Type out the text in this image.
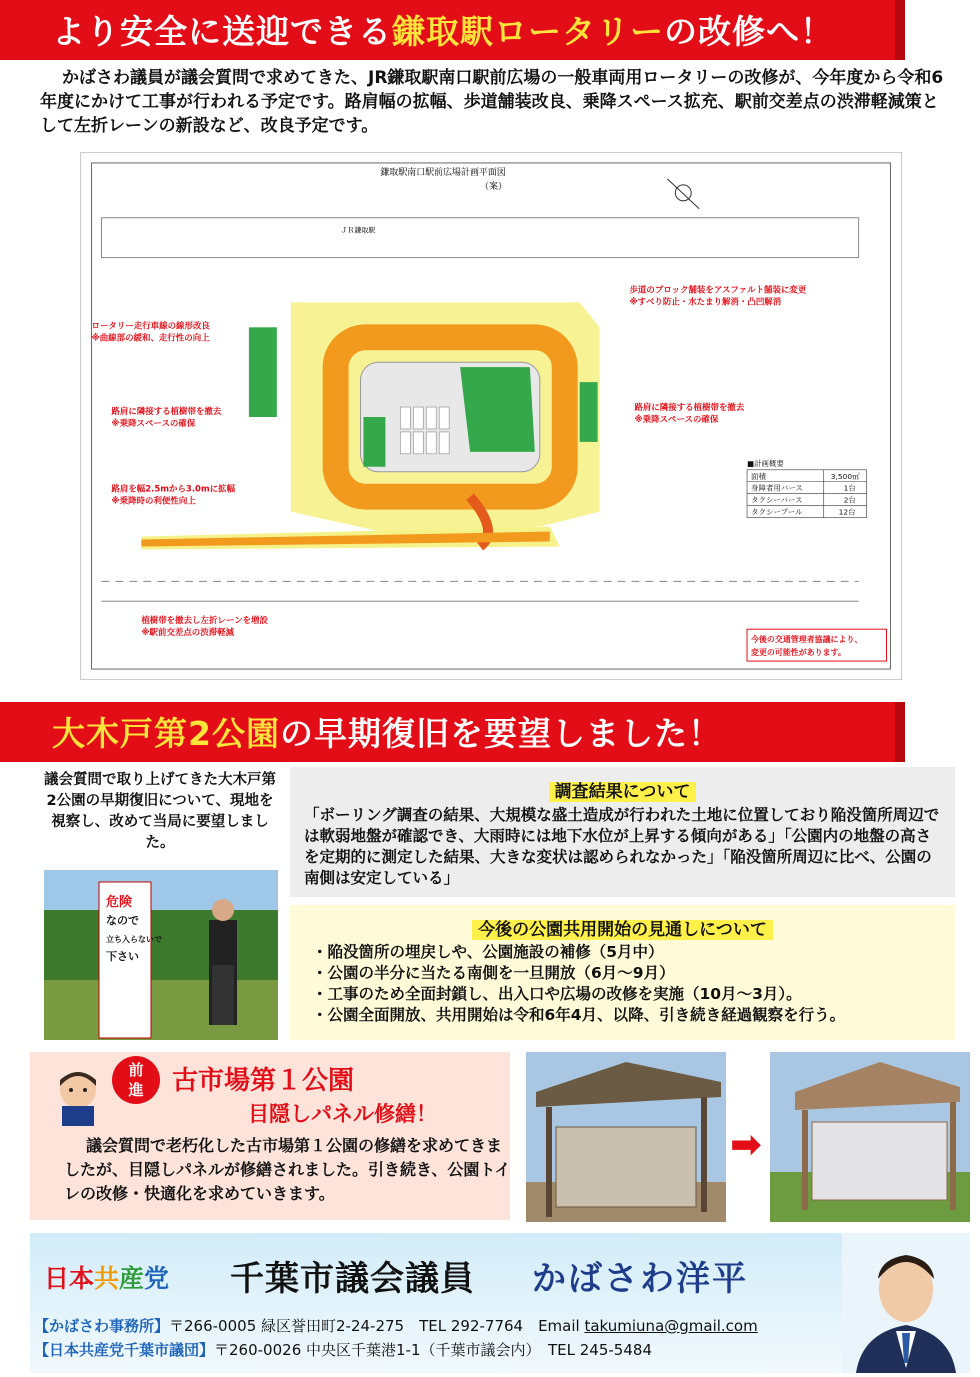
より安全に送迎できる鎌取駅ロータリーの改修へ！
かばさわ議員が議会質問で求めてきた、JR鎌取駅南口駅前広場の一般車両用ロータリーの改修が、今年度から令和6年度にかけて工事が行われる予定です。路肩幅の拡幅、歩道舗装改良、乗降スペース拡充、駅前交差点の渋滞軽減策として左折レーンの新設など、改良予定です。
鎌取駅南口駅前広場計画平面図
（案）
ＪＲ鎌取駅
ロータリー走行車線の線形改良
※曲線部の緩和、走行性の向上
路肩に隣接する植樹帯を撤去
※乗降スペースの確保
路肩を幅2.5mから3.0mに拡幅
※乗降時の利便性向上
植樹帯を撤去し左折レーンを増設
※駅前交差点の渋滞軽減
歩道のブロック舗装をアスファルト舗装に変更
※すべり防止・水たまり解消・凸凹解消
路肩に隣接する植樹帯を撤去
※乗降スペースの確保
■計画概要
面積	3,500㎡
身障者用バース	1台
タクシーバース	2台
タクシープール	12台
今後の交通管理者協議により、
変更の可能性があります。
大木戸第2公園の早期復旧を要望しました！
議会質問で取り上げてきた大木戸第2公園の早期復旧について、現地を視察し、改めて当局に要望しました。
危険
なので
立ち入らないで
下さい
調査結果について
「ボーリング調査の結果、大規模な盛土造成が行われた土地に位置しており陥没箇所周辺では軟弱地盤が確認でき、大雨時には地下水位が上昇する傾向がある」「公園内の地盤の高さを定期的に測定した結果、大きな変状は認められなかった」「陥没箇所周辺に比べ、公園の南側は安定している」
今後の公園共用開始の見通しについて
・陥没箇所の埋戻しや、公園施設の補修（5月中）
・公園の半分に当たる南側を一旦開放（6月～9月）
・工事のため全面封鎖し、出入口や広場の改修を実施（10月～3月）。
・公園全面開放、共用開始は令和6年4月、以降、引き続き経過観察を行う。
前
進	古市場第１公園
目隠しパネル修繕！
議会質問で老朽化した古市場第１公園の修繕を求めてきましたが、目隠しパネルが修繕されました。引き続き、公園トイレの改修・快適化を求めていきます。
➡
日本共産党 千葉市議会議員 かばさわ洋平
【かばさわ事務所】〒266-0005 緑区誉田町2-24-275　TEL 292-7764　Email takumiuna@gmail.com
【日本共産党千葉市議団】〒260-0026 中央区千葉港1-1（千葉市議会内）　TEL 245-5484
